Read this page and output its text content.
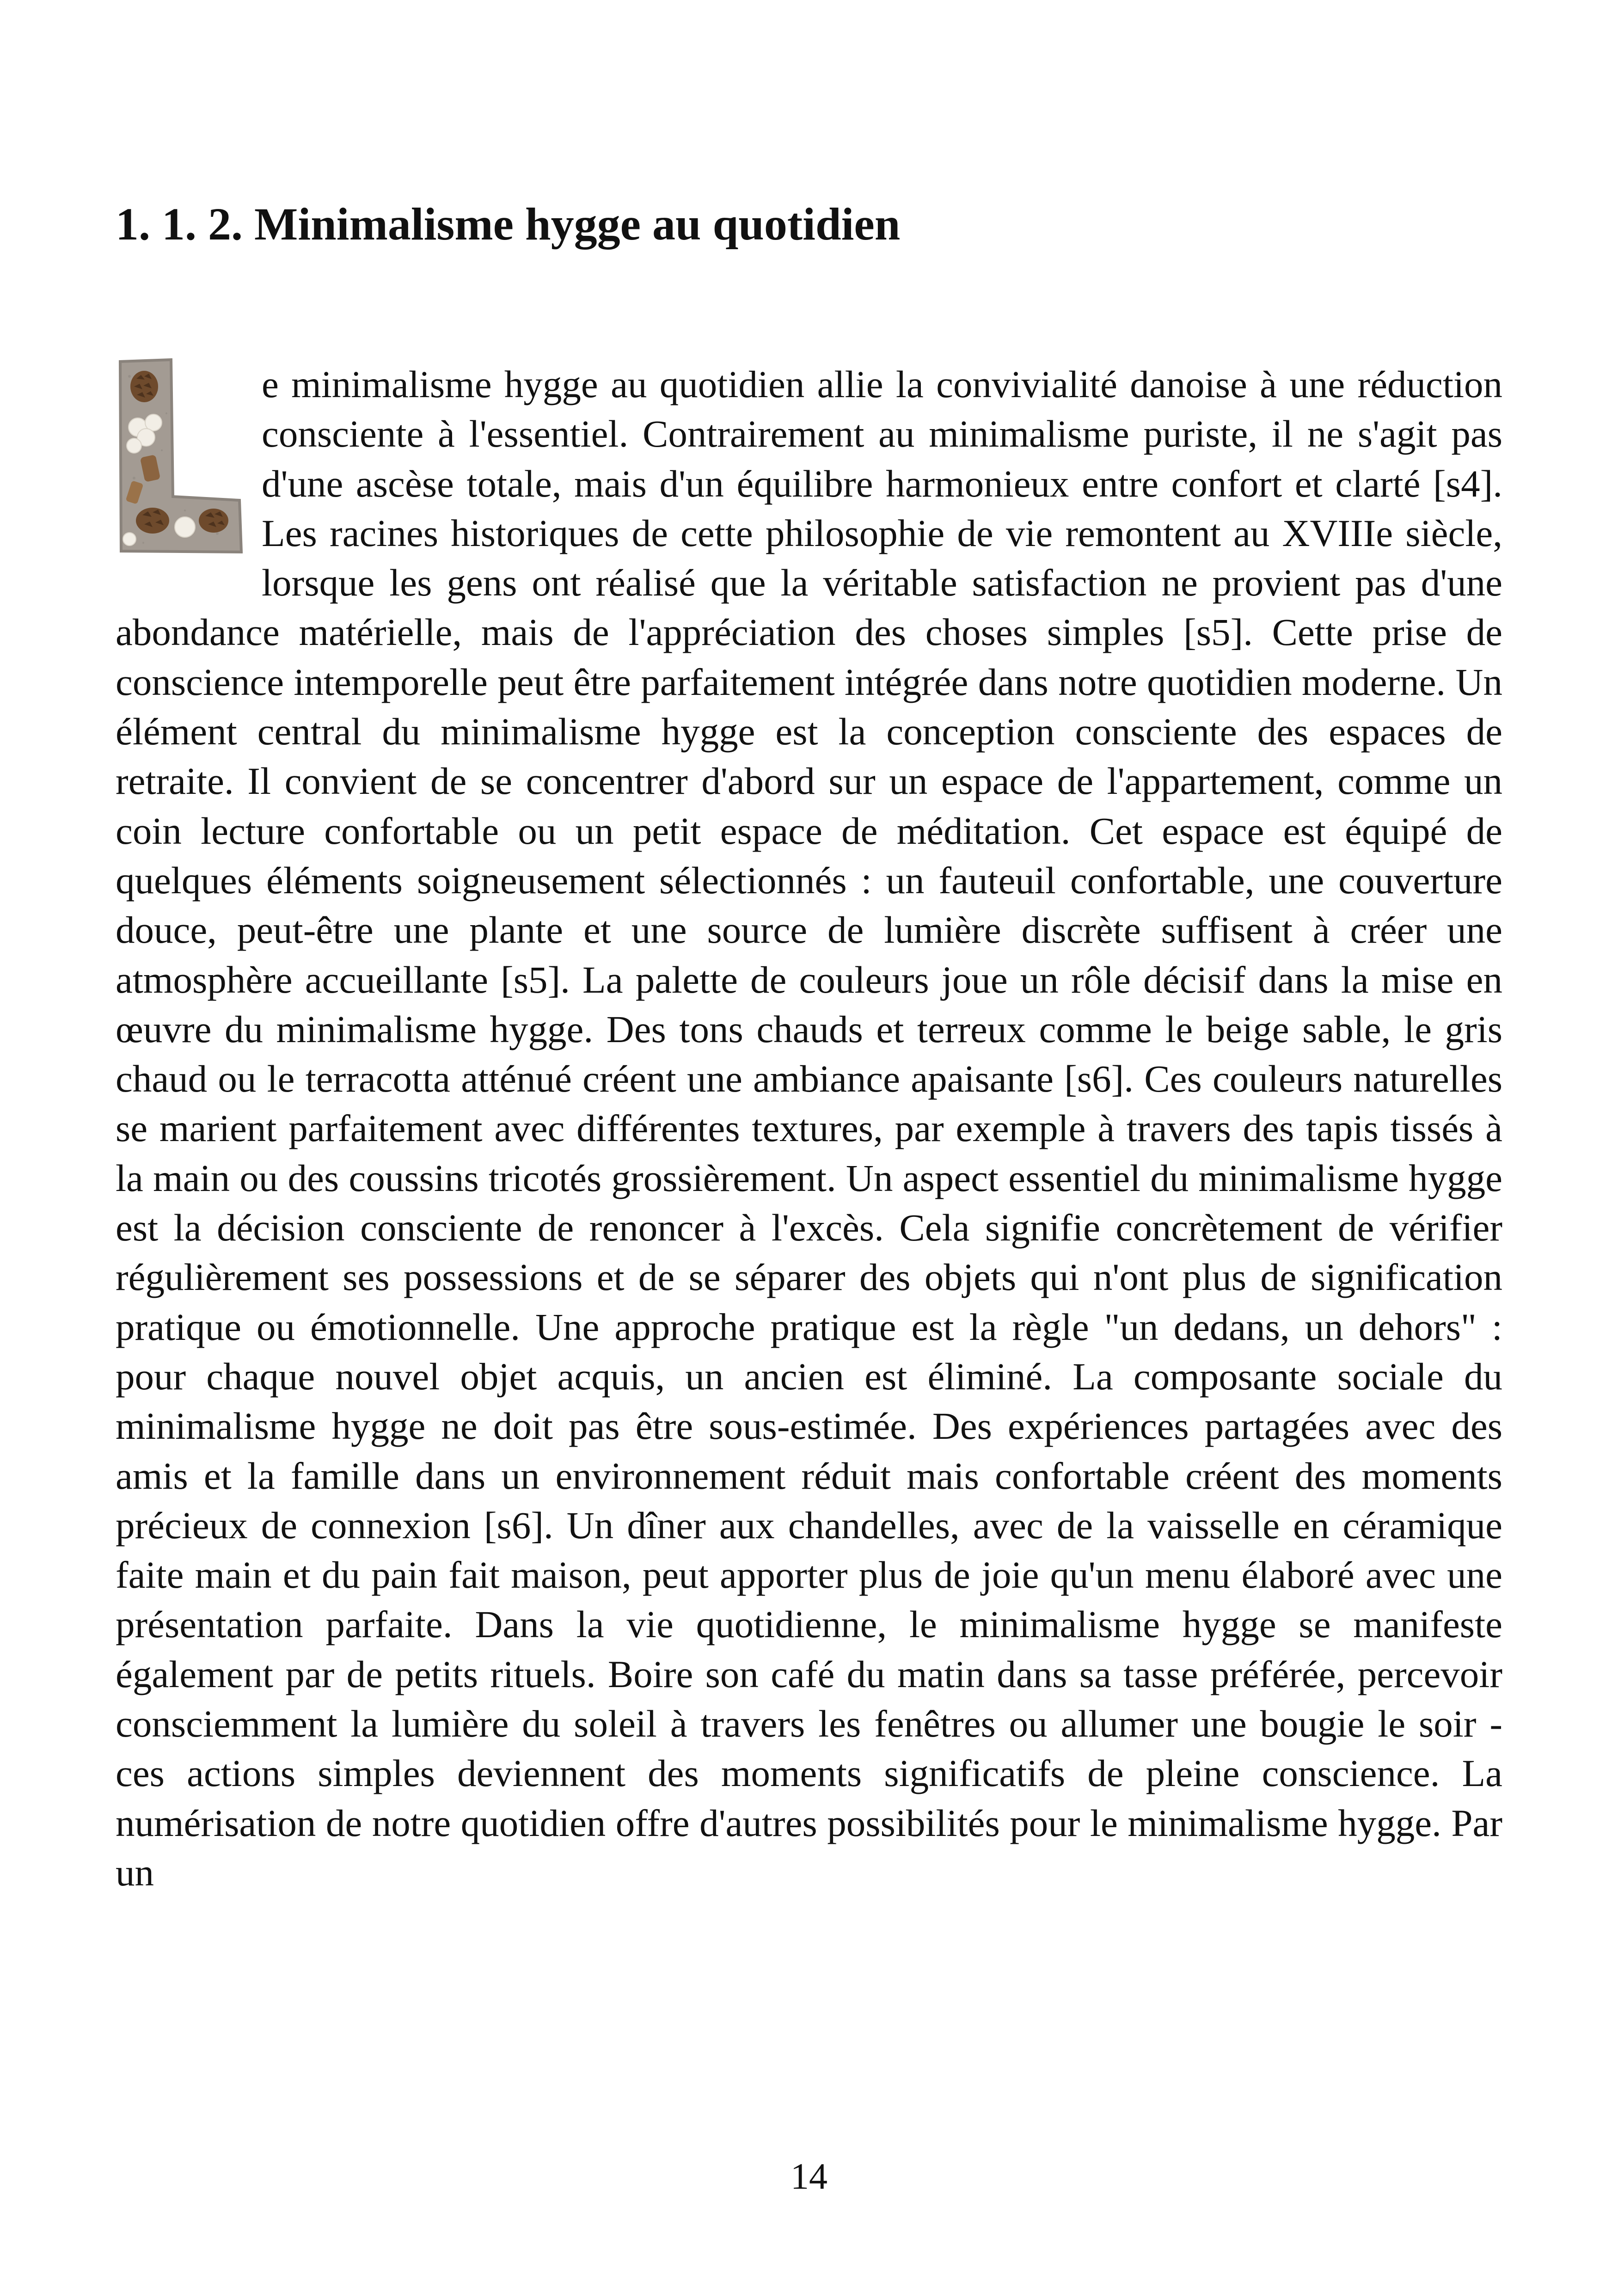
1. 1. 2. Minimalisme hygge au quotidien

e minimalisme hygge au quotidien allie la convivialité danoise à une réduction consciente à l'essentiel. Contrairement au minimalisme puriste, il ne s'agit pas d'une ascèse totale, mais d'un équilibre harmonieux entre confort et clarté [s4]. Les racines historiques de cette philosophie de vie remontent au XVIIIe siècle, lorsque les gens ont réalisé que la véritable satisfaction ne provient pas d'une abondance matérielle, mais de l'appréciation des choses simples [s5]. Cette prise de conscience intemporelle peut être parfaitement intégrée dans notre quotidien moderne. Un élément central du minimalisme hygge est la conception consciente des espaces de retraite. Il convient de se concentrer d'abord sur un espace de l'appartement, comme un coin lecture confortable ou un petit espace de méditation. Cet espace est équipé de quelques éléments soigneusement sélectionnés : un fauteuil confortable, une couverture douce, peut-être une plante et une source de lumière discrète suffisent à créer une atmosphère accueillante [s5]. La palette de couleurs joue un rôle décisif dans la mise en œuvre du minimalisme hygge. Des tons chauds et terreux comme le beige sable, le gris chaud ou le terracotta atténué créent une ambiance apaisante [s6]. Ces couleurs naturelles se marient parfaitement avec différentes textures, par exemple à travers des tapis tissés à la main ou des coussins tricotés grossièrement. Un aspect essentiel du minimalisme hygge est la décision consciente de renoncer à l'excès. Cela signifie concrètement de vérifier régulièrement ses possessions et de se séparer des objets qui n'ont plus de signification pratique ou émotionnelle. Une approche pratique est la règle "un dedans, un dehors" : pour chaque nouvel objet acquis, un ancien est éliminé. La composante sociale du minimalisme hygge ne doit pas être sous-estimée. Des expériences partagées avec des amis et la famille dans un environnement réduit mais confortable créent des moments précieux de connexion [s6]. Un dîner aux chandelles, avec de la vaisselle en céramique faite main et du pain fait maison, peut apporter plus de joie qu'un menu élaboré avec une présentation parfaite. Dans la vie quotidienne, le minimalisme hygge se manifeste également par de petits rituels. Boire son café du matin dans sa tasse préférée, percevoir consciemment la lumière du soleil à travers les fenêtres ou allumer une bougie le soir - ces actions simples deviennent des moments significatifs de pleine conscience. La numérisation de notre quotidien offre d'autres possibilités pour le minimalisme hygge. Par un

14
